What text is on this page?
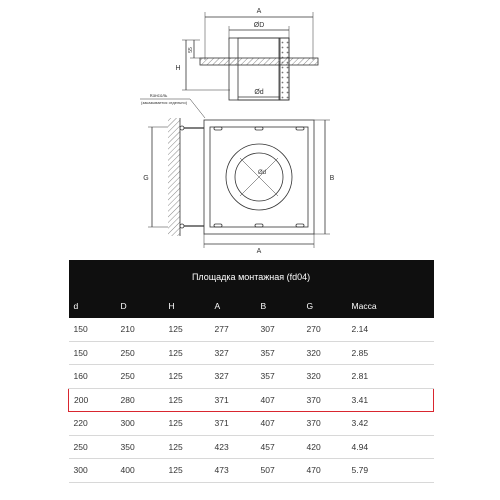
A
ØD
H
55
Ød
Консоль
(заказывается отдельно)
G	B
A
Ød
Площадка монтажная (fd04)						
d	D	H	A	B	G	Масса
150	210	125	277	307	270	2.14
150	250	125	327	357	320	2.85
160	250	125	327	357	320	2.81
200	280	125	371	407	370	3.41
220	300	125	371	407	370	3.42
250	350	125	423	457	420	4.94
300	400	125	473	507	470	5.79
